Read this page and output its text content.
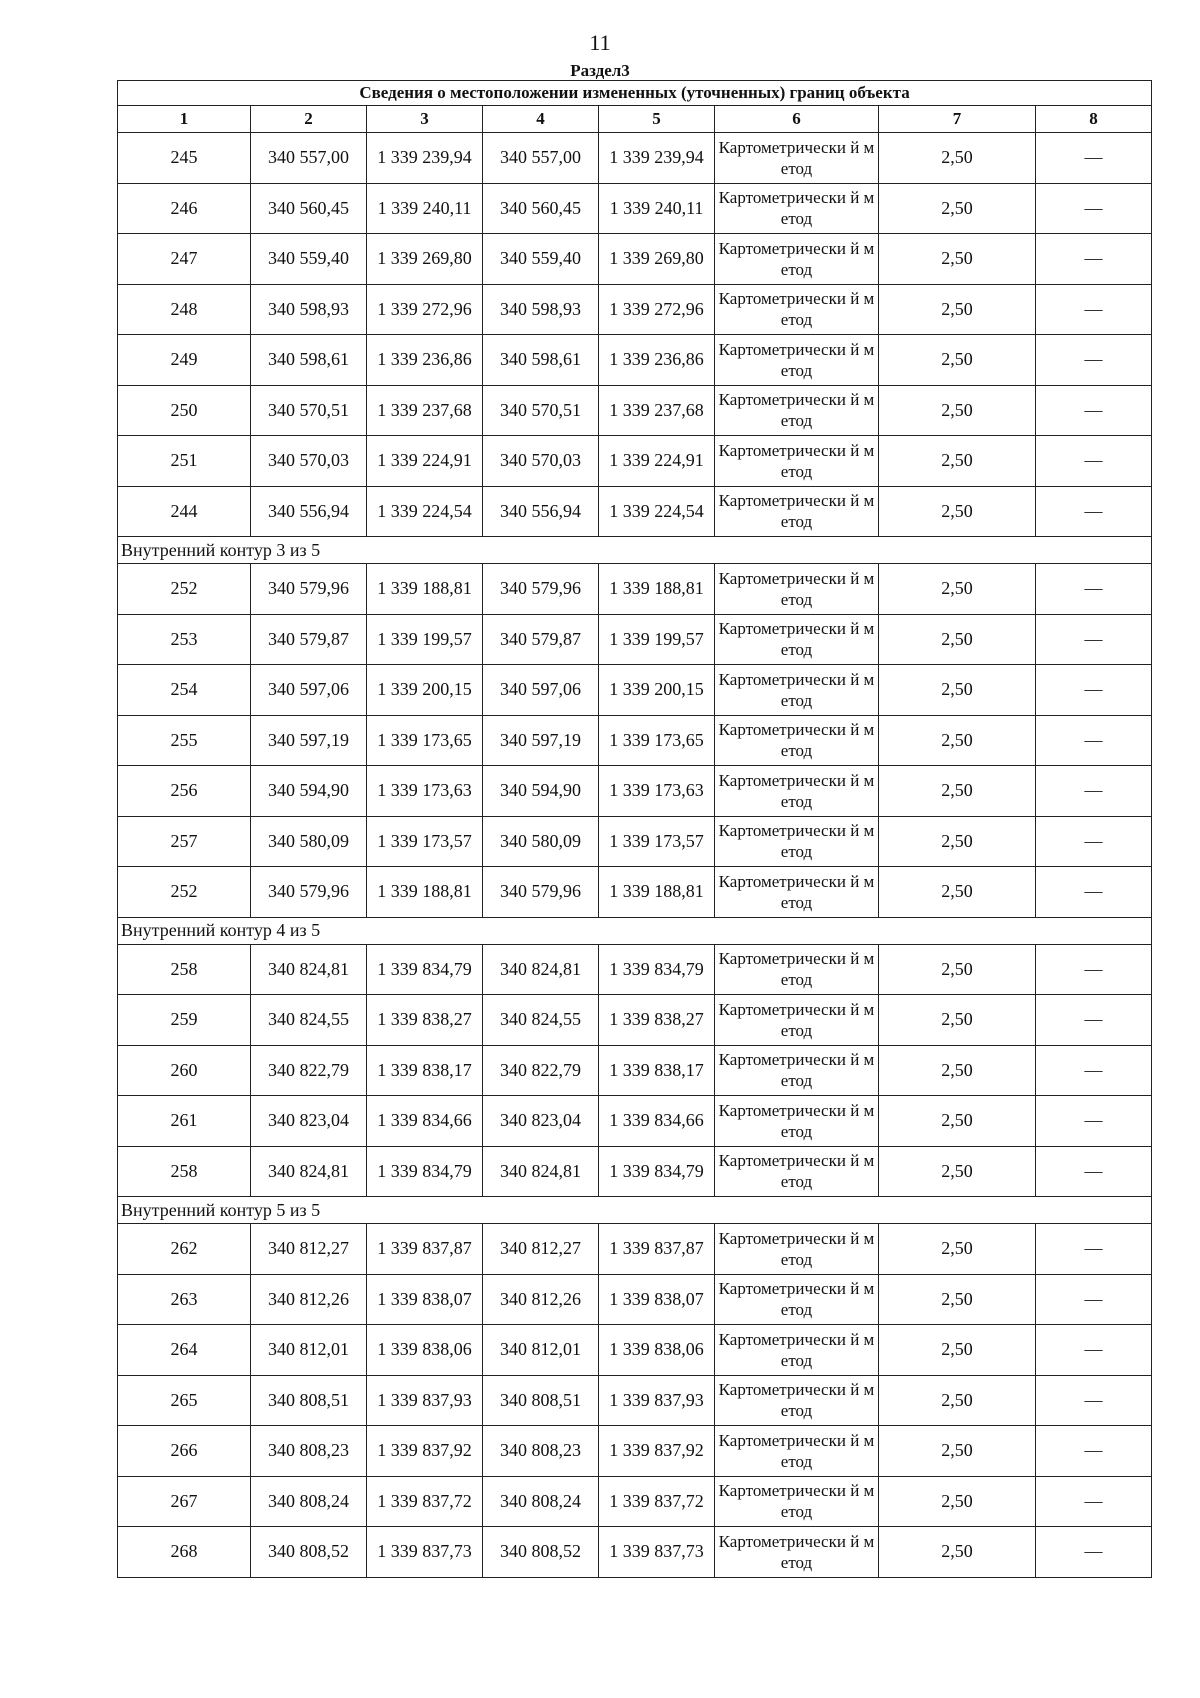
11
Раздел3
Сведения о местоположении измененных (уточненных) границ объекта							
1	2	3	4	5	6	7	8
245	340 557,00	1 339 239,94	340 557,00	1 339 239,94	Картометрически й метод	2,50	—
246	340 560,45	1 339 240,11	340 560,45	1 339 240,11	Картометрически й метод	2,50	—
247	340 559,40	1 339 269,80	340 559,40	1 339 269,80	Картометрически й метод	2,50	—
248	340 598,93	1 339 272,96	340 598,93	1 339 272,96	Картометрически й метод	2,50	—
249	340 598,61	1 339 236,86	340 598,61	1 339 236,86	Картометрически й метод	2,50	—
250	340 570,51	1 339 237,68	340 570,51	1 339 237,68	Картометрически й метод	2,50	—
251	340 570,03	1 339 224,91	340 570,03	1 339 224,91	Картометрически й метод	2,50	—
244	340 556,94	1 339 224,54	340 556,94	1 339 224,54	Картометрически й метод	2,50	—
Внутренний контур 3 из 5							
252	340 579,96	1 339 188,81	340 579,96	1 339 188,81	Картометрически й метод	2,50	—
253	340 579,87	1 339 199,57	340 579,87	1 339 199,57	Картометрически й метод	2,50	—
254	340 597,06	1 339 200,15	340 597,06	1 339 200,15	Картометрически й метод	2,50	—
255	340 597,19	1 339 173,65	340 597,19	1 339 173,65	Картометрически й метод	2,50	—
256	340 594,90	1 339 173,63	340 594,90	1 339 173,63	Картометрически й метод	2,50	—
257	340 580,09	1 339 173,57	340 580,09	1 339 173,57	Картометрически й метод	2,50	—
252	340 579,96	1 339 188,81	340 579,96	1 339 188,81	Картометрически й метод	2,50	—
Внутренний контур 4 из 5							
258	340 824,81	1 339 834,79	340 824,81	1 339 834,79	Картометрически й метод	2,50	—
259	340 824,55	1 339 838,27	340 824,55	1 339 838,27	Картометрически й метод	2,50	—
260	340 822,79	1 339 838,17	340 822,79	1 339 838,17	Картометрически й метод	2,50	—
261	340 823,04	1 339 834,66	340 823,04	1 339 834,66	Картометрически й метод	2,50	—
258	340 824,81	1 339 834,79	340 824,81	1 339 834,79	Картометрически й метод	2,50	—
Внутренний контур 5 из 5							
262	340 812,27	1 339 837,87	340 812,27	1 339 837,87	Картометрически й метод	2,50	—
263	340 812,26	1 339 838,07	340 812,26	1 339 838,07	Картометрически й метод	2,50	—
264	340 812,01	1 339 838,06	340 812,01	1 339 838,06	Картометрически й метод	2,50	—
265	340 808,51	1 339 837,93	340 808,51	1 339 837,93	Картометрически й метод	2,50	—
266	340 808,23	1 339 837,92	340 808,23	1 339 837,92	Картометрически й метод	2,50	—
267	340 808,24	1 339 837,72	340 808,24	1 339 837,72	Картометрически й метод	2,50	—
268	340 808,52	1 339 837,73	340 808,52	1 339 837,73	Картометрически й метод	2,50	—
